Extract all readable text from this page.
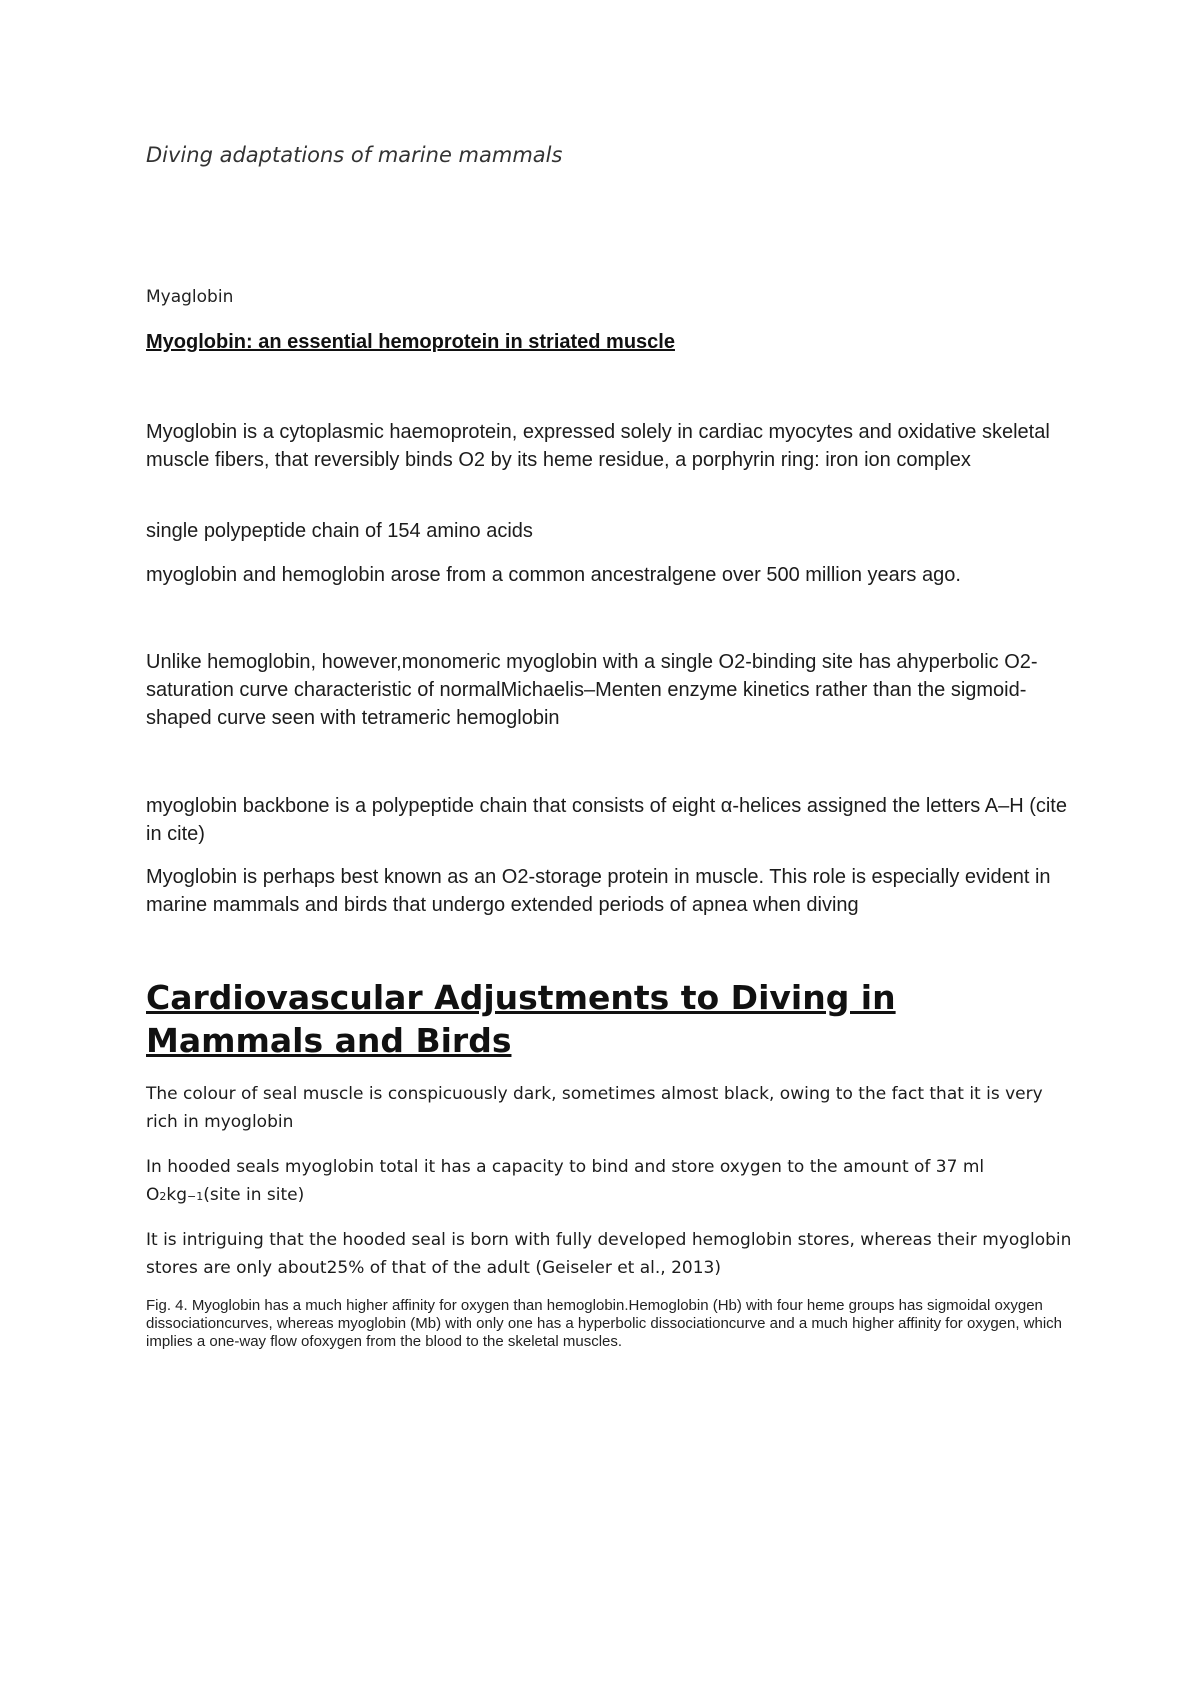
Diving adaptations of marine mammals
Myaglobin
Myoglobin: an essential hemoprotein in striated muscle

Myoglobin is a cytoplasmic haemoprotein, expressed solely in cardiac myocytes and oxidative skeletal muscle fibers, that reversibly binds O2 by its heme residue, a porphyrin ring: iron ion complex

single polypeptide chain of 154 amino acids

myoglobin and hemoglobin arose from a common ancestralgene over 500 million years ago.

Unlike hemoglobin, however,monomeric myoglobin with a single O2-binding site has ahyperbolic O2-saturation curve characteristic of normalMichaelis–Menten enzyme kinetics rather than the sigmoid-shaped curve seen with tetrameric hemoglobin

myoglobin backbone is a polypeptide chain that consists of eight α-helices assigned the letters A–H (cite in cite)

Myoglobin is perhaps best known as an O2-storage protein in muscle. This role is especially evident in marine mammals and birds that undergo extended periods of apnea when diving

Cardiovascular Adjustments to Diving in Mammals and Birds

The colour of seal muscle is conspicuously dark, sometimes almost black, owing to the fact that it is very rich in myoglobin

In hooded seals myoglobin total it has a capacity to bind and store oxygen to the amount of 37 ml
O2kg−1(site in site)

It is intriguing that the hooded seal is born with fully developed hemoglobin stores, whereas their myoglobin stores are only about25% of that of the adult (Geiseler et al., 2013)

Fig. 4. Myoglobin has a much higher affinity for oxygen than hemoglobin.Hemoglobin (Hb) with four heme groups has sigmoidal oxygen dissociationcurves, whereas myoglobin (Mb) with only one has a hyperbolic dissociationcurve and a much higher affinity for oxygen, which implies a one-way flow ofoxygen from the blood to the skeletal muscles.
